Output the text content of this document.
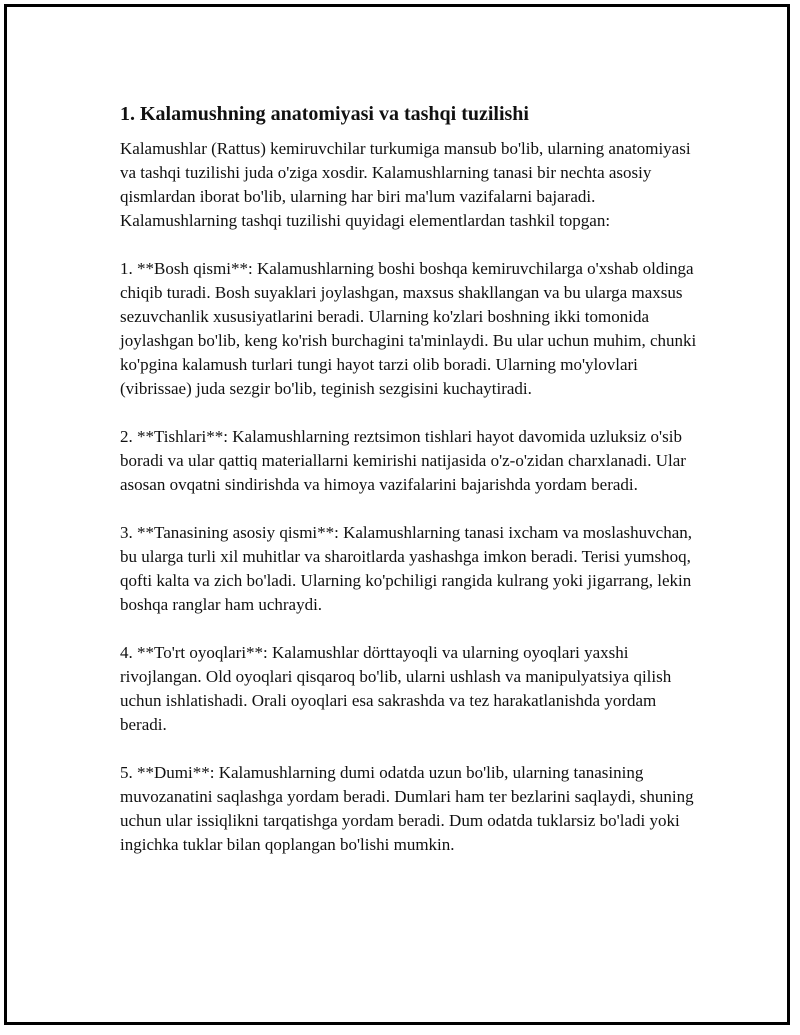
1. Kalamushning anatomiyasi va tashqi tuzilishi

Kalamushlar (Rattus) kemiruvchilar turkumiga mansub bo'lib, ularning anatomiyasi va tashqi tuzilishi juda o'ziga xosdir. Kalamushlarning tanasi bir nechta asosiy qismlardan iborat bo'lib, ularning har biri ma'lum vazifalarni bajaradi. Kalamushlarning tashqi tuzilishi quyidagi elementlardan tashkil topgan:

1. **Bosh qismi**: Kalamushlarning boshi boshqa kemiruvchilarga o'xshab oldinga chiqib turadi. Bosh suyaklari joylashgan, maxsus shakllangan va bu ularga maxsus sezuvchanlik xususiyatlarini beradi. Ularning ko'zlari boshning ikki tomonida joylashgan bo'lib, keng ko'rish burchagini ta'minlaydi. Bu ular uchun muhim, chunki ko'pgina kalamush turlari tungi hayot tarzi olib boradi. Ularning mo'ylovlari (vibrissae) juda sezgir bo'lib, teginish sezgisini kuchaytiradi.

2. **Tishlari**: Kalamushlarning reztsimon tishlari hayot davomida uzluksiz o'sib boradi va ular qattiq materiallarni kemirishi natijasida o'z-o'zidan charxlanadi. Ular asosan ovqatni sindirishda va himoya vazifalarini bajarishda yordam beradi.

3. **Tanasining asosiy qismi**: Kalamushlarning tanasi ixcham va moslashuvchan, bu ularga turli xil muhitlar va sharoitlarda yashashga imkon beradi. Terisi yumshoq, qofti kalta va zich bo'ladi. Ularning ko'pchiligi rangida kulrang yoki jigarrang, lekin boshqa ranglar ham uchraydi.

4. **To'rt oyoqlari**: Kalamushlar dörttayoqli va ularning oyoqlari yaxshi rivojlangan. Old oyoqlari qisqaroq bo'lib, ularni ushlash va manipulyatsiya qilish uchun ishlatishadi. Orali oyoqlari esa sakrashda va tez harakatlanishda yordam beradi.

5. **Dumi**: Kalamushlarning dumi odatda uzun bo'lib, ularning tanasining muvozanatini saqlashga yordam beradi. Dumlari ham ter bezlarini saqlaydi, shuning uchun ular issiqlikni tarqatishga yordam beradi. Dum odatda tuklarsiz bo'ladi yoki ingichka tuklar bilan qoplangan bo'lishi mumkin.
